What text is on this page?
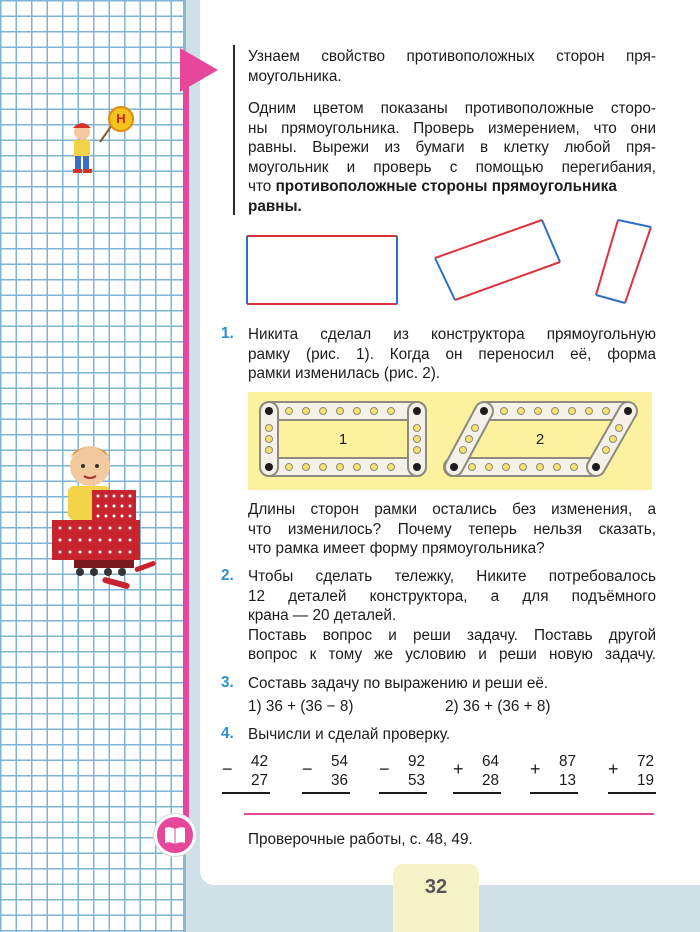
Н
Узнаем свойство противоположных сторон пря-
моугольника.
Одним цветом показаны противоположные сторо-
ны прямоугольника. Проверь измерением, что они
равны. Вырежи из бумаги в клетку любой пря-
моугольник и проверь с помощью перегибания,
что противоположные стороны прямоугольника
равны.
1. Никита сделал из конструктора прямоугольную
рамку (рис. 1). Когда он переносил её, форма
рамки изменилась (рис. 2).
1	2
Длины сторон рамки остались без изменения, а
что изменилось? Почему теперь нельзя сказать,
что рамка имеет форму прямоугольника?
2. Чтобы сделать тележку, Никите потребовалось
12 деталей конструктора, а для подъёмного
крана — 20 деталей.
Поставь вопрос и реши задачу. Поставь другой
вопрос к тому же условию и реши новую задачу.
3. Составь задачу по выражению и реши её.
1) 36 + (36 − 8)	2) 36 + (36 + 8)
4. Вычисли и сделай проверку.
−	42
27
−	54
36
−	92
53
+	64
28
+	87
13
+	72
19
Проверочные работы, с. 48, 49.
32
